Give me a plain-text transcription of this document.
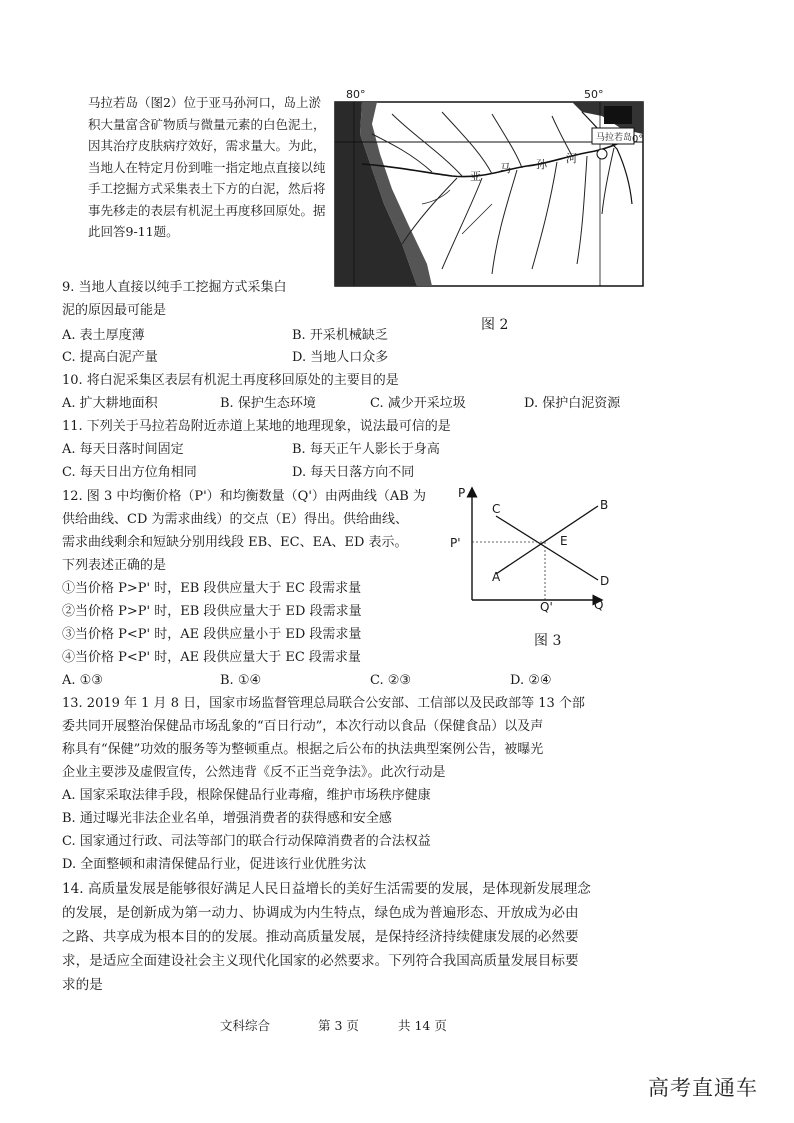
马拉若岛（图2）位于亚马孙河口，岛上淤积大量富含矿物质与微量元素的白色泥土，因其治疗皮肤病疗效好，需求量大。为此，当地人在特定月份到唯一指定地点直接以纯手工挖掘方式采集表土下方的白泥，然后将事先移走的表层有机泥土再度移回原处。据此回答9-11题。
80°	50°
0°
马拉若岛
亚
马 孙 河
图 2
9. 当地人直接以纯手工挖掘方式采集白
泥的原因最可能是
A. 表土厚度薄	B. 开采机械缺乏
C. 提高白泥产量	D. 当地人口众多
10. 将白泥采集区表层有机泥土再度移回原处的主要目的是
A. 扩大耕地面积	B. 保护生态环境	C. 减少开采垃圾	D. 保护白泥资源
11. 下列关于马拉若岛附近赤道上某地的地理现象，说法最可信的是
A. 每天日落时间固定	B. 每天正午人影长于身高
C. 每天日出方位角相同	D. 每天日落方向不同
12. 图 3 中均衡价格（P'）和均衡数量（Q'）由两曲线（AB 为
供给曲线、CD 为需求曲线）的交点（E）得出。供给曲线、
需求曲线剩余和短缺分别用线段 EB、EC、EA、ED 表示。
下列表述正确的是
①当价格 P>P' 时，EB 段供应量大于 EC 段需求量
②当价格 P>P' 时，EB 段供应量大于 ED 段需求量
③当价格 P<P' 时，AE 段供应量小于 ED 段需求量
④当价格 P<P' 时，AE 段供应量大于 EC 段需求量
A. ①③	B. ①④	C. ②③	D. ②④
P
Q
P'
Q'
A
B
C
D
E
图 3
13. 2019 年 1 月 8 日，国家市场监督管理总局联合公安部、工信部以及民政部等 13 个部
委共同开展整治保健品市场乱象的“百日行动”，本次行动以食品（保健食品）以及声
称具有“保健”功效的服务等为整顿重点。根据之后公布的执法典型案例公告，被曝光
企业主要涉及虚假宣传，公然违背《反不正当竞争法》。此次行动是
A. 国家采取法律手段，根除保健品行业毒瘤，维护市场秩序健康
B. 通过曝光非法企业名单，增强消费者的获得感和安全感
C. 国家通过行政、司法等部门的联合行动保障消费者的合法权益
D. 全面整顿和肃清保健品行业，促进该行业优胜劣汰
14. 高质量发展是能够很好满足人民日益增长的美好生活需要的发展，是体现新发展理念
的发展，是创新成为第一动力、协调成为内生特点，绿色成为普遍形态、开放成为必由
之路、共享成为根本目的的发展。推动高质量发展，是保持经济持续健康发展的必然要
求，是适应全面建设社会主义现代化国家的必然要求。下列符合我国高质量发展目标要
求的是
文科综合	第 3 页	共 14 页
高考直通车
